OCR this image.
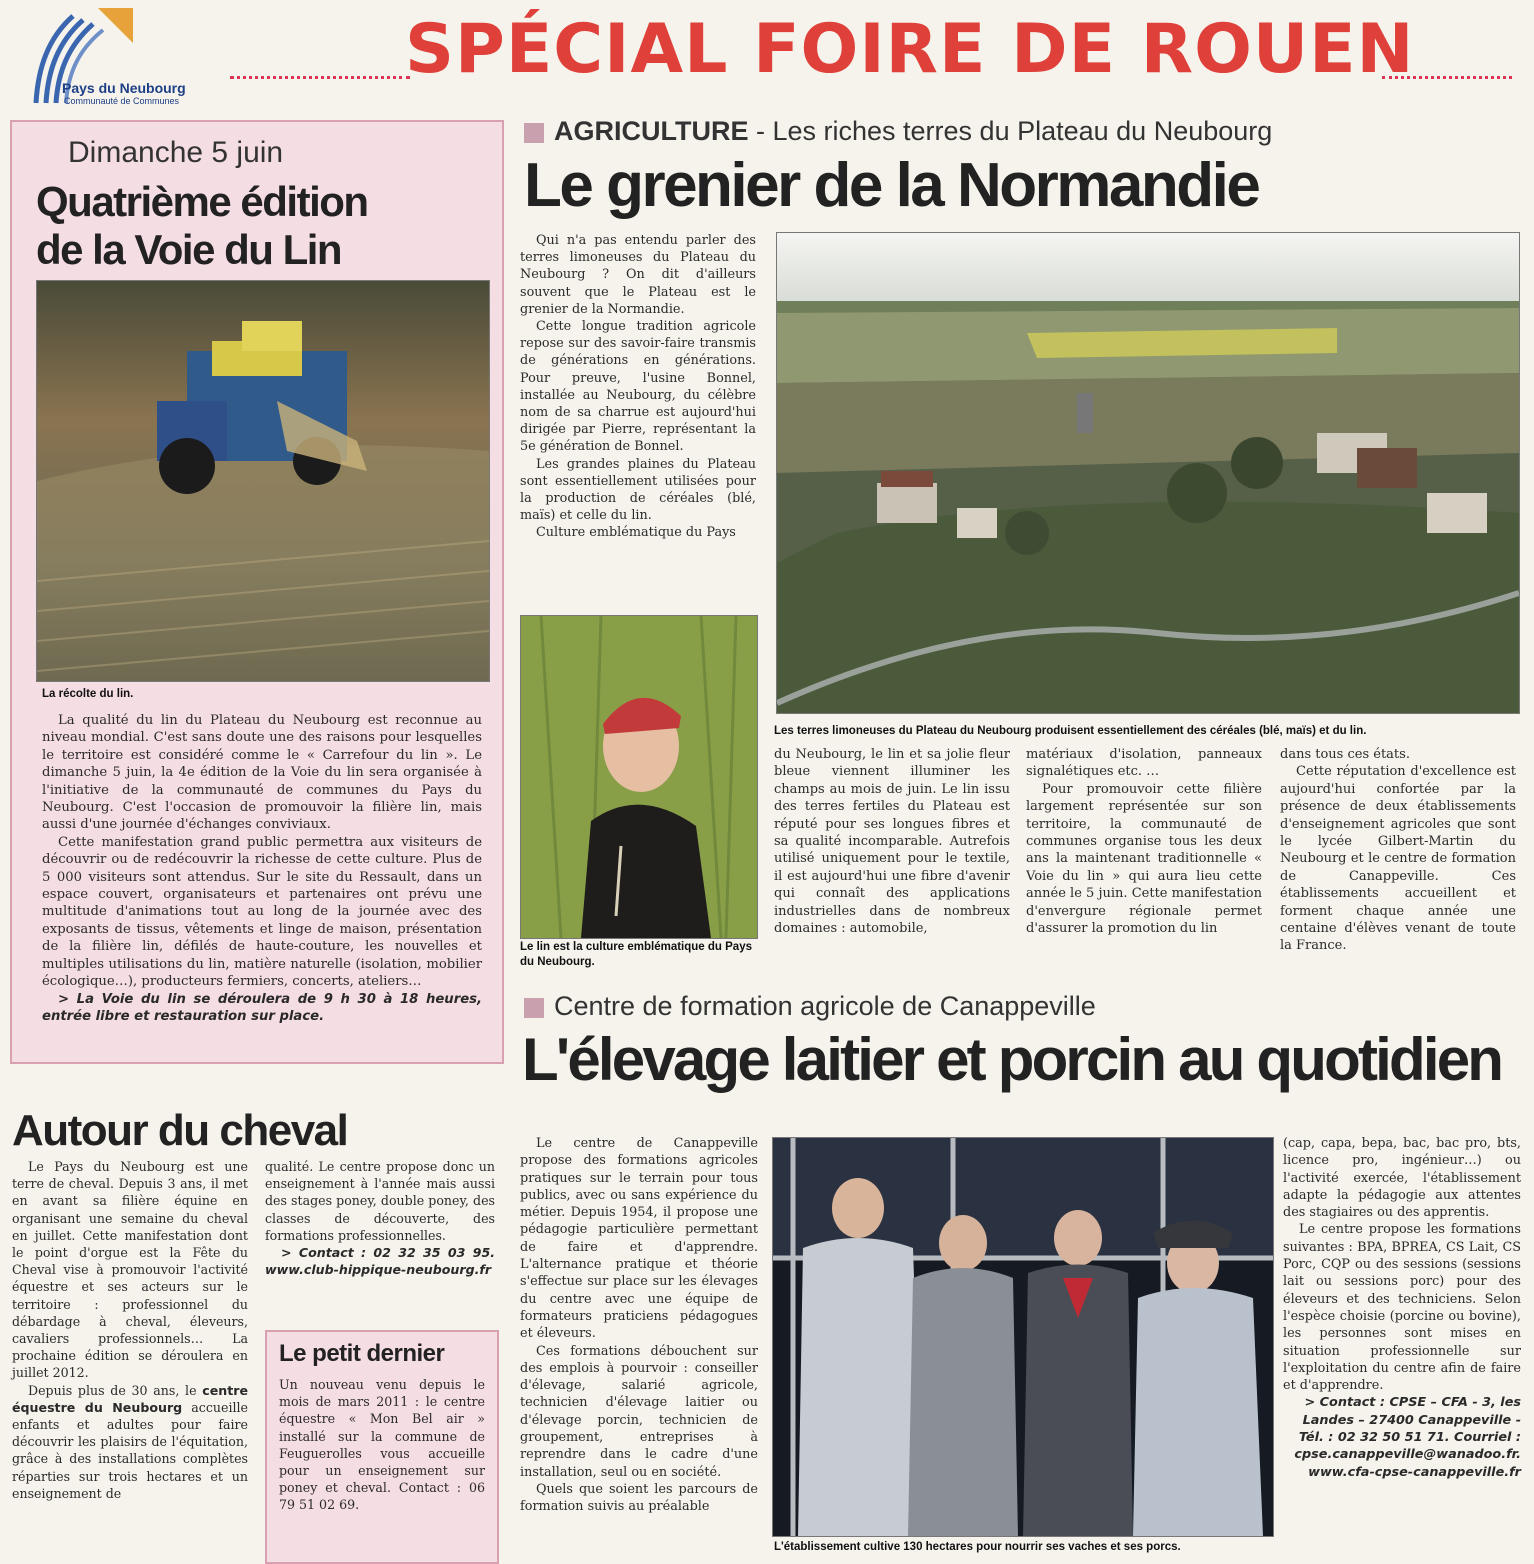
Pays du Neubourg
Communauté de Communes
SPÉCIAL FOIRE DE ROUEN
Dimanche 5 juin
Quatrième édition
de la Voie du Lin
La récolte du lin.

La qualité du lin du Plateau du Neubourg est reconnue au niveau mondial. C'est sans doute une des raisons pour lesquelles le territoire est considéré comme le « Carrefour du lin ». Le dimanche 5 juin, la 4e édition de la Voie du lin sera organisée à l'initiative de la communauté de communes du Pays du Neubourg. C'est l'occasion de promouvoir la filière lin, mais aussi d'une journée d'échanges conviviaux.

Cette manifestation grand public permettra aux visiteurs de découvrir ou de redécouvrir la richesse de cette culture. Plus de 5 000 visiteurs sont attendus. Sur le site du Ressault, dans un espace couvert, organisateurs et partenaires ont prévu une multitude d'animations tout au long de la journée avec des exposants de tissus, vêtements et linge de maison, présentation de la filière lin, défilés de haute-couture, les nouvelles et multiples utilisations du lin, matière naturelle (isolation, mobilier écologique…), producteurs fermiers, concerts, ateliers…

> La Voie du lin se déroulera de 9 h 30 à 18 heures, entrée libre et restauration sur place.

Autour du cheval

Le Pays du Neubourg est une terre de cheval. Depuis 3 ans, il met en avant sa filière équine en organisant une semaine du cheval en juillet. Cette manifestation dont le point d'orgue est la Fête du Cheval vise à promouvoir l'activité équestre et ses acteurs sur le territoire : professionnel du débardage à cheval, éleveurs, cavaliers professionnels… La prochaine édition se déroulera en juillet 2012.

Depuis plus de 30 ans, le centre équestre du Neubourg accueille enfants et adultes pour faire découvrir les plaisirs de l'équitation, grâce à des installations complètes réparties sur trois hectares et un enseignement de

qualité. Le centre propose donc un enseignement à l'année mais aussi des stages poney, double poney, des classes de découverte, des formations professionnelles.

> Contact : 02 32 35 03 95. www.club-hippique-neubourg.fr

Le petit dernier
Un nouveau venu depuis le mois de mars 2011 : le centre équestre « Mon Bel air » installé sur la commune de Feuguerolles vous accueille pour un enseignement sur poney et cheval. Contact : 06 79 51 02 69.
AGRICULTURE - Les riches terres du Plateau du Neubourg
Le grenier de la Normandie

Qui n'a pas entendu parler des terres limoneuses du Plateau du Neubourg ? On dit d'ailleurs souvent que le Plateau est le grenier de la Normandie.

Cette longue tradition agricole repose sur des savoir-faire transmis de générations en générations. Pour preuve, l'usine Bonnel, installée au Neubourg, du célèbre nom de sa charrue est aujourd'hui dirigée par Pierre, représentant la 5e génération de Bonnel.

Les grandes plaines du Plateau sont essentiellement utilisées pour la production de céréales (blé, maïs) et celle du lin.

Culture emblématique du Pays

Le lin est la culture emblématique du Pays du Neubourg.
Les terres limoneuses du Plateau du Neubourg produisent essentiellement des céréales (blé, maïs) et du lin.
du Neubourg, le lin et sa jolie fleur bleue viennent illuminer les champs au mois de juin. Le lin issu des terres fertiles du Plateau est réputé pour ses longues fibres et sa qualité incomparable. Autrefois utilisé uniquement pour le textile, il est aujourd'hui une fibre d'avenir qui connaît des applications industrielles dans de nombreux domaines : automobile,

matériaux d'isolation, panneaux signalétiques etc. …

Pour promouvoir cette filière largement représentée sur son territoire, la communauté de communes organise tous les deux ans la maintenant traditionnelle « Voie du lin » qui aura lieu cette année le 5 juin. Cette manifestation d'envergure régionale permet d'assurer la promotion du lin

dans tous ces états.

Cette réputation d'excellence est aujourd'hui confortée par la présence de deux établissements d'enseignement agricoles que sont le lycée Gilbert-Martin du Neubourg et le centre de formation de Canappeville. Ces établissements accueillent et forment chaque année une centaine d'élèves venant de toute la France.

Centre de formation agricole de Canappeville
L'élevage laitier et porcin au quotidien

Le centre de Canappeville propose des formations agricoles pratiques sur le terrain pour tous publics, avec ou sans expérience du métier. Depuis 1954, il propose une pédagogie particulière permettant de faire et d'apprendre. L'alternance pratique et théorie s'effectue sur place sur les élevages du centre avec une équipe de formateurs praticiens pédagogues et éleveurs.

Ces formations débouchent sur des emplois à pourvoir : conseiller d'élevage, salarié agricole, technicien d'élevage laitier ou d'élevage porcin, technicien de groupement, entreprises à reprendre dans le cadre d'une installation, seul ou en société.

Quels que soient les parcours de formation suivis au préalable

L'établissement cultive 130 hectares pour nourrir ses vaches et ses porcs.

(cap, capa, bepa, bac, bac pro, bts, licence pro, ingénieur…) ou l'activité exercée, l'établissement adapte la pédagogie aux attentes des stagiaires ou des apprentis.

Le centre propose les formations suivantes : BPA, BPREA, CS Lait, CS Porc, CQP ou des sessions (sessions lait ou sessions porc) pour des éleveurs et des techniciens. Selon l'espèce choisie (porcine ou bovine), les personnes sont mises en situation professionnelle sur l'exploitation du centre afin de faire et d'apprendre.

> Contact : CPSE – CFA - 3, les Landes – 27400 Canappeville - Tél. : 02 32 50 51 71. Courriel : cpse.canappeville@wanadoo.fr. www.cfa-cpse-canappeville.fr
